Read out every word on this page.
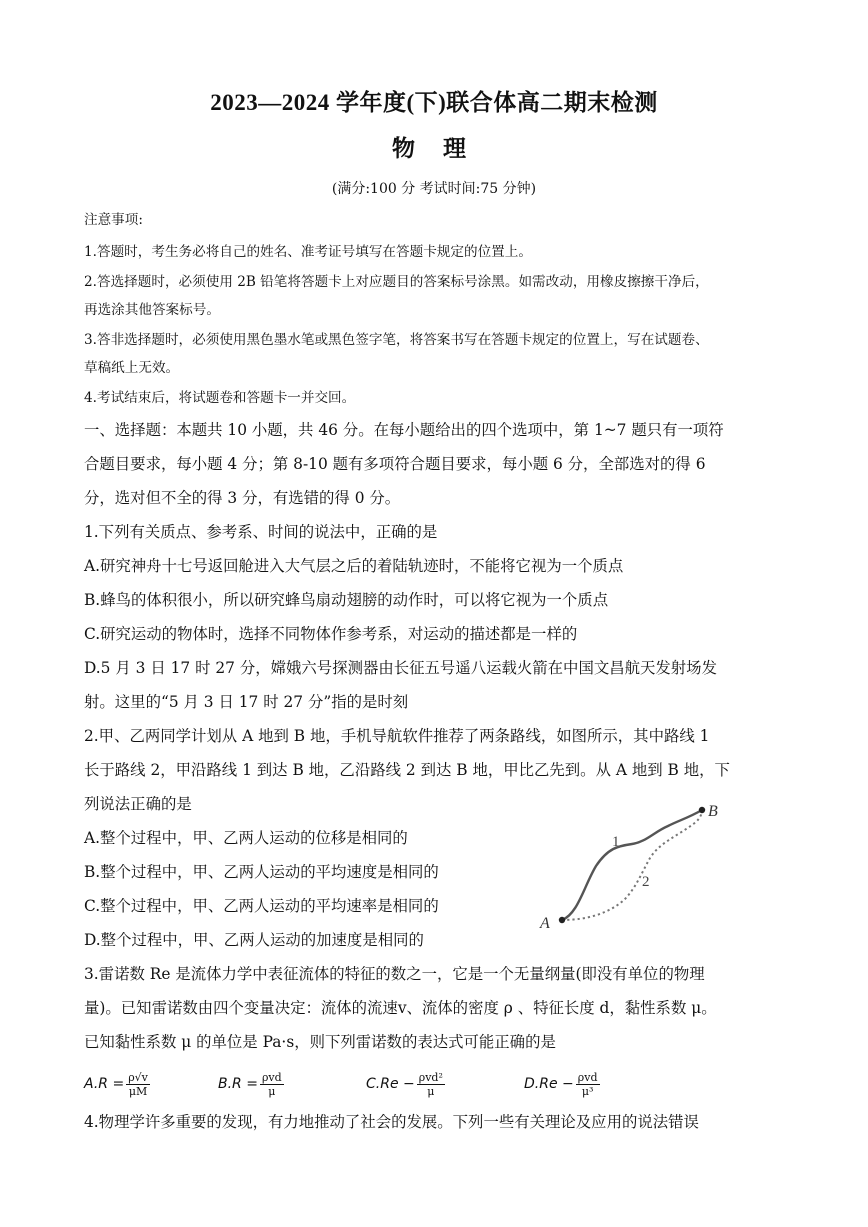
2023—2024 学年度(下)联合体高二期末检测
物 理
(满分:100 分 考试时间:75 分钟)
注意事项:
1.答题时，考生务必将自己的姓名、准考证号填写在答题卡规定的位置上。
2.答选择题时，必须使用 2B 铅笔将答题卡上对应题目的答案标号涂黑。如需改动，用橡皮擦擦干净后，
再选涂其他答案标号。
3.答非选择题时，必须使用黑色墨水笔或黑色签字笔，将答案书写在答题卡规定的位置上，写在试题卷、
草稿纸上无效。
4.考试结束后，将试题卷和答题卡一并交回。
一、选择题：本题共 10 小题，共 46 分。在每小题给出的四个选项中，第 1~7 题只有一项符
合题目要求，每小题 4 分；第 8-10 题有多项符合题目要求，每小题 6 分，全部选对的得 6
分，选对但不全的得 3 分，有选错的得 0 分。
1.下列有关质点、参考系、时间的说法中，正确的是
A.研究神舟十七号返回舱进入大气层之后的着陆轨迹时，不能将它视为一个质点
B.蜂鸟的体积很小，所以研究蜂鸟扇动翅膀的动作时，可以将它视为一个质点
C.研究运动的物体时，选择不同物体作参考系，对运动的描述都是一样的
D.5 月 3 日 17 时 27 分，嫦娥六号探测器由长征五号遥八运载火箭在中国文昌航天发射场发
射。这里的“5 月 3 日 17 时 27 分”指的是时刻
2.甲、乙两同学计划从 A 地到 B 地，手机导航软件推荐了两条路线，如图所示，其中路线 1
长于路线 2，甲沿路线 1 到达 B 地，乙沿路线 2 到达 B 地，甲比乙先到。从 A 地到 B 地，下
列说法正确的是
A.整个过程中，甲、乙两人运动的位移是相同的
B.整个过程中，甲、乙两人运动的平均速度是相同的
C.整个过程中，甲、乙两人运动的平均速率是相同的
D.整个过程中，甲、乙两人运动的加速度是相同的
A
B
1
2
3.雷诺数 Re 是流体力学中表征流体的特征的数之一，它是一个无量纲量(即没有单位的物理
量)。已知雷诺数由四个变量决定：流体的流速v、流体的密度 ρ 、特征长度 d，黏性系数 μ。
已知黏性系数 μ 的单位是 Pa·s，则下列雷诺数的表达式可能正确的是
$A.R = \frac{\rho√v}{\mu M}$	$B.R = \frac{\text{ρvd}}{\mu}$	$C.Re - \frac{\text{ρvd²}}{\mu}$	$D.Re - \frac{\text{ρvd}}{\text{μ³}}$
4.物理学许多重要的发现，有力地推动了社会的发展。下列一些有关理论及应用的说法错误
